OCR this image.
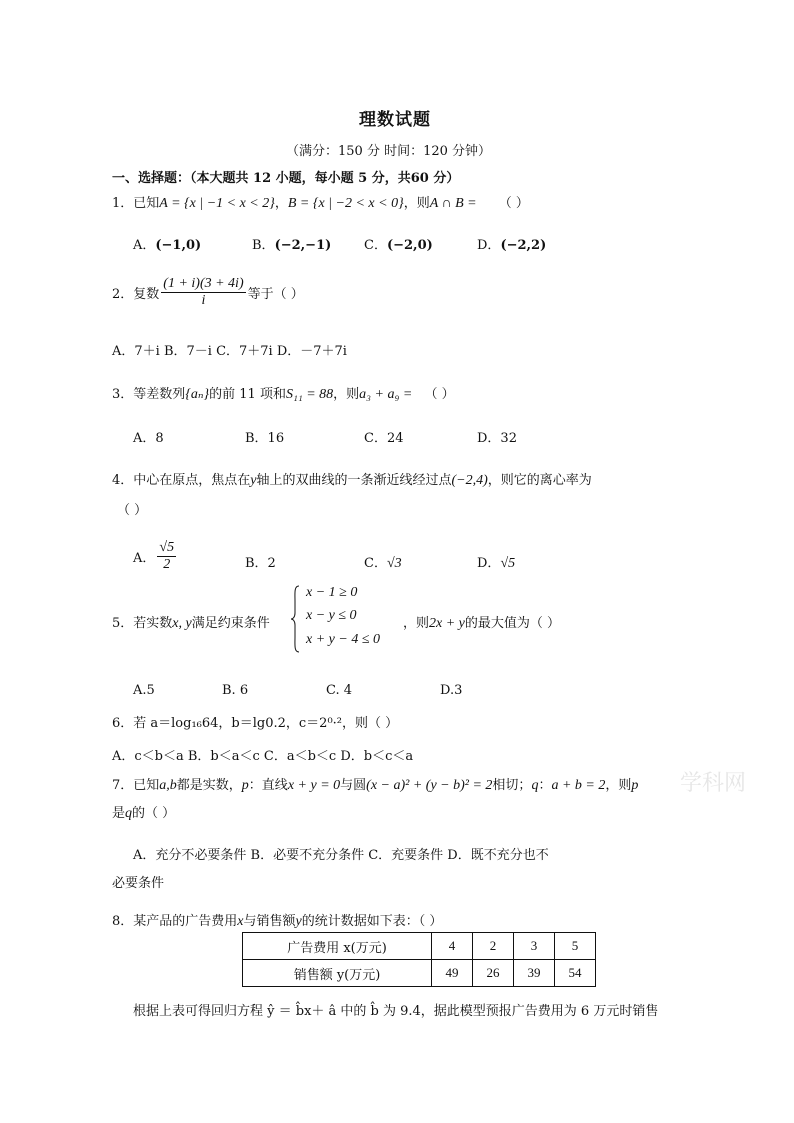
理数试题
（满分：150 分 时间：120 分钟）
一、选择题：（本大题共 12 小题，每小题 5 分，共60 分）
1．已知A = {x | −1 < x < 2}，B = {x | −2 < x < 0}，则A ∩ B = （ ）
A．(−1,0)	B．(−2,−1)	C．(−2,0)	D．(−2,2)
2．复数 $\frac{(1 + i)(3 + 4i)}{i}$ 等于（ ）
A．7＋i B．7－i C．7＋7i D．－7＋7i
3．等差数列{aₙ}的前 11 项和S₁₁ = 88，则a₃ + a₉ = （ ）
A．8	B．16	C．24	D．32
4．中心在原点，焦点在y轴上的双曲线的一条渐近线经过点(−2,4)，则它的离心率为
（ ）
A． $\frac{√5}{2}$	B．2	C．√3	D．√5
5．若实数x, y满足约束条件
x − 1 ≥ 0
x − y ≤ 0
x + y − 4 ≤ 0
，则2x + y的最大值为（ ）
A.5	B. 6	C. 4	D.3
6．若 a＝log₁₆64，b＝lg0.2，c＝2⁰·²，则（ ）
A．c＜b＜a B．b＜a＜c C．a＜b＜c D．b＜c＜a
7．已知a,b都是实数，p：直线x + y = 0与圆(x − a)² + (y − b)² = 2相切；q：a + b = 2，则p 学科网
是q的（ ）
A．充分不必要条件 B．必要不充分条件 C．充要条件 D．既不充分也不
必要条件
8．某产品的广告费用x与销售额y的统计数据如下表：（ ）
广告费用 x(万元)	4	2	3	5
销售额 y(万元)	49	26	39	54
根据上表可得回归方程 ŷ ＝ b̂x＋ â 中的 b̂ 为 9.4，据此模型预报广告费用为 6 万元时销售
